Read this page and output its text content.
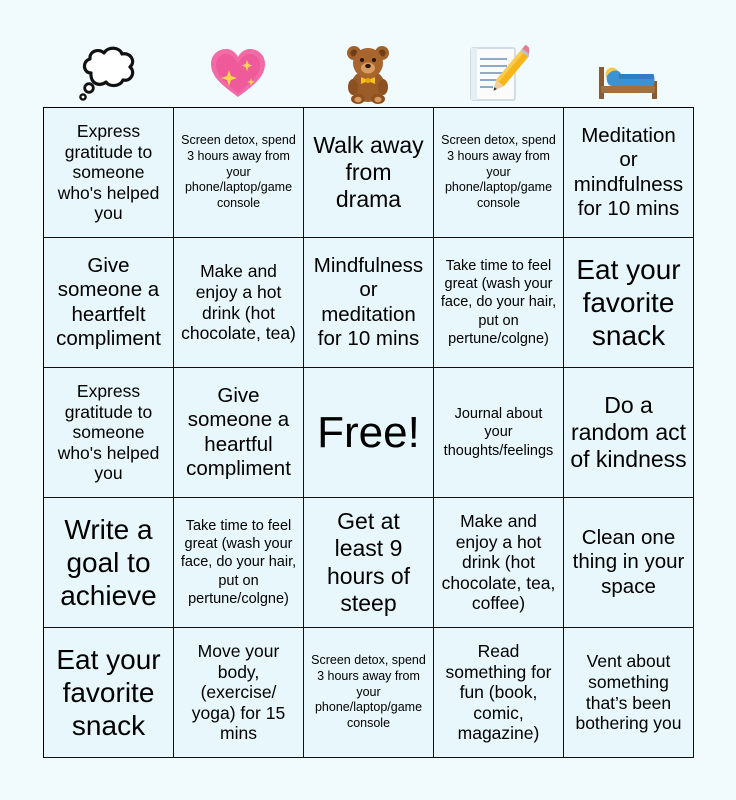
Express gratitude to someone who's helped you
Screen detox, spend 3 hours away from your phone/laptop/game console
Walk away from drama
Screen detox, spend 3 hours away from your phone/laptop/game console
Meditation or mindfulness for 10 mins
Give someone a heartfelt compliment
Make and enjoy a hot drink (hot chocolate, tea)
Mindfulness or meditation for 10 mins
Take time to feel great (wash your face, do your hair, put on pertune/colgne)
Eat your favorite snack
Express gratitude to someone who's helped you
Give someone a heartful compliment
Free!	Journal about your thoughts/feelings
Do a random act of kindness
Write a goal to achieve
Take time to feel great (wash your face, do your hair, put on pertune/colgne)
Get at least 9 hours of steep
Make and enjoy a hot drink (hot chocolate, tea, coffee)
Clean one thing in your space
Eat your favorite snack
Move your body, (exercise/ yoga) for 15 mins
Screen detox, spend 3 hours away from your phone/laptop/game console
Read something for fun (book, comic, magazine)
Vent about something that’s been bothering you
